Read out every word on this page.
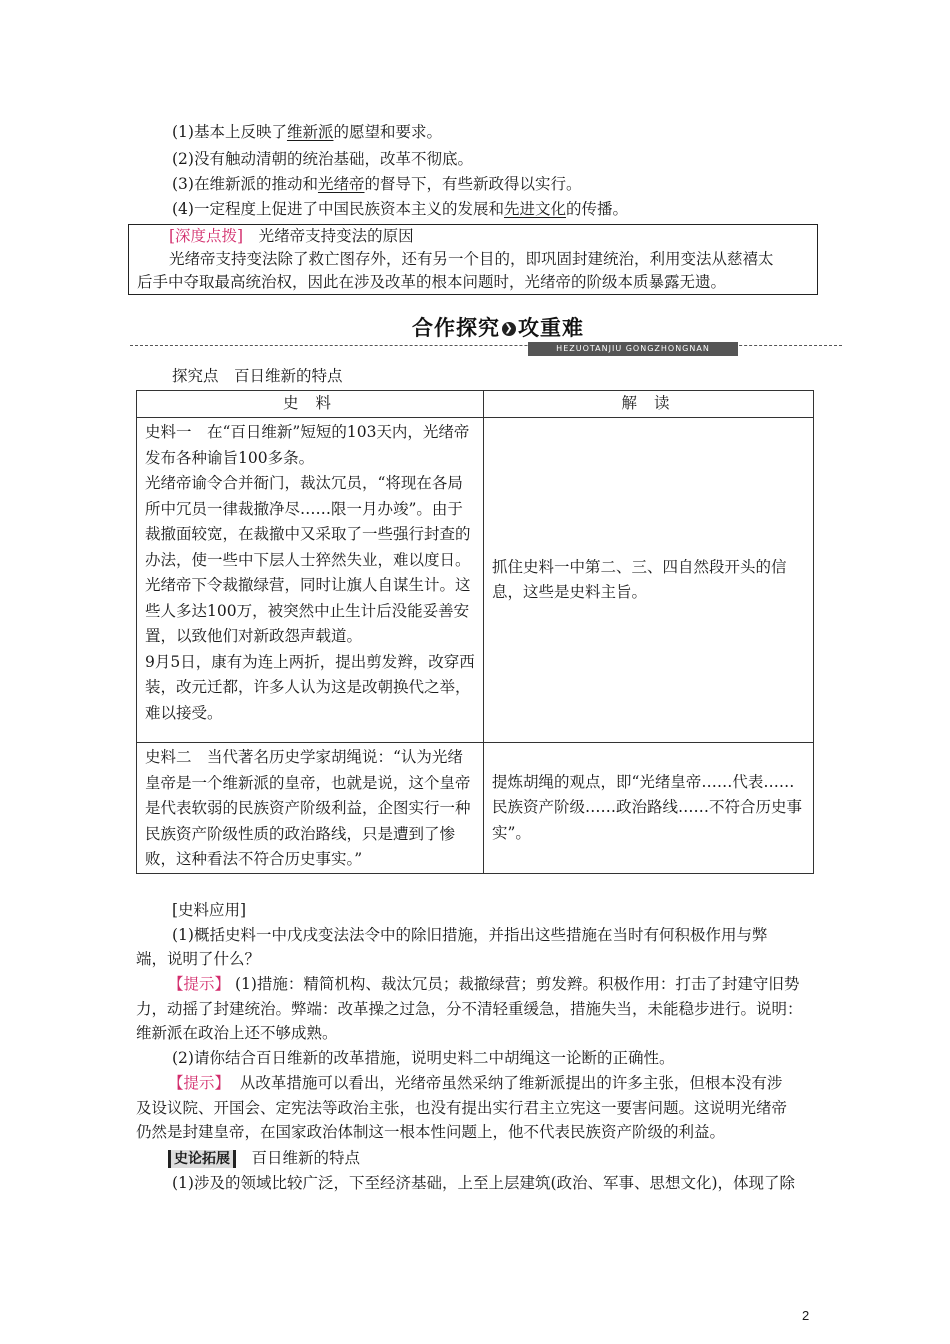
(1)基本上反映了维新派的愿望和要求。
(2)没有触动清朝的统治基础，改革不彻底。
(3)在维新派的推动和光绪帝的督导下，有些新政得以实行。
(4)一定程度上促进了中国民族资本主义的发展和先进文化的传播。
[深度点拨]　 光绪帝支持变法的原因
光绪帝支持变法除了救亡图存外，还有另一个目的，即巩固封建统治，利用变法从慈禧太
后手中夺取最高统治权，因此在涉及改革的根本问题时，光绪帝的阶级本质暴露无遗。
HEZUOTANJIU GONGZHONGNAN
合作探究 ❯ 攻重难
探究点　百日维新的特点
史 料	解 读

史料一　在“百日维新”短短的103天内，光绪帝发布各种谕旨100多条。
光绪帝谕令合并衙门，裁汰冗员，“将现在各局所中冗员一律裁撤净尽……限一月办竣”。由于裁撤面较宽，在裁撤中又采取了一些强行封查的办法，使一些中下层人士猝然失业，难以度日。
光绪帝下令裁撤绿营，同时让旗人自谋生计。这些人多达100万，被突然中止生计后没能妥善安置，以致他们对新政怨声载道。
9月5日，康有为连上两折，提出剪发辫，改穿西装，改元迁都，许多人认为这是改朝换代之举，难以接受。	抓住史料一中第二、三、四自然段开头的信息，这些是史料主旨。

史料二　当代著名历史学家胡绳说：“认为光绪皇帝是一个维新派的皇帝，也就是说，这个皇帝是代表软弱的民族资产阶级利益，企图实行一种民族资产阶级性质的政治路线，只是遭到了惨败，这种看法不符合历史事实。”	提炼胡绳的观点，即“光绪皇帝……代表……民族资产阶级……政治路线……不符合历史事实”。
[史料应用]
(1)概括史料一中戊戌变法法令中的除旧措施，并指出这些措施在当时有何积极作用与弊
端，说明了什么？
【提示】 (1)措施：精简机构、裁汰冗员；裁撤绿营；剪发辫。积极作用：打击了封建守旧势
力，动摇了封建统治。弊端：改革操之过急，分不清轻重缓急，措施失当，未能稳步进行。说明：
维新派在政治上还不够成熟。
(2)请你结合百日维新的改革措施，说明史料二中胡绳这一论断的正确性。
【提示】 从改革措施可以看出，光绪帝虽然采纳了维新派提出的许多主张，但根本没有涉
及设议院、开国会、定宪法等政治主张，也没有提出实行君主立宪这一要害问题。这说明光绪帝
仍然是封建皇帝，在国家政治体制这一根本性问题上，他不代表民族资产阶级的利益。
史论拓展　 百日维新的特点
(1)涉及的领域比较广泛，下至经济基础，上至上层建筑(政治、军事、思想文化)，体现了除
2
